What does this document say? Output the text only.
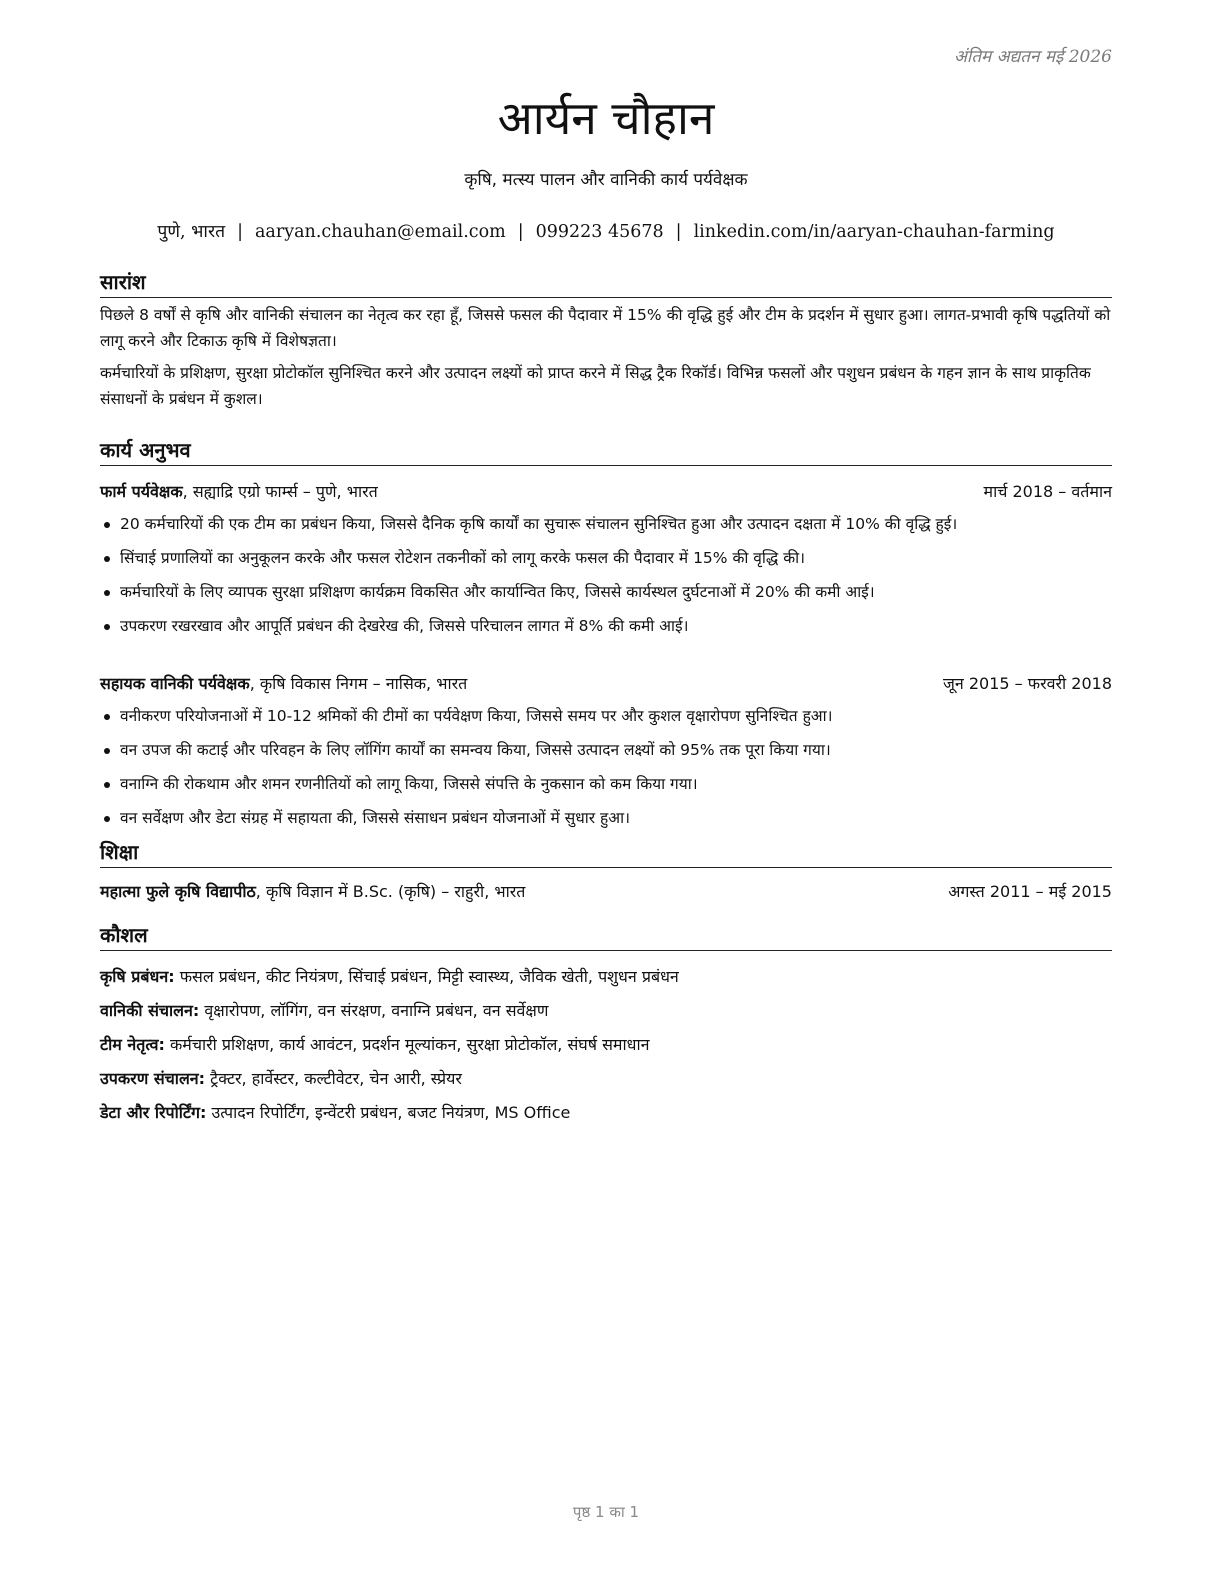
अंतिम अद्यतन मई 2026
आर्यन चौहान
कृषि, मत्स्य पालन और वानिकी कार्य पर्यवेक्षक
पुणे, भारत | aaryan.chauhan@email.com | 099223 45678 | linkedin.com/in/aaryan-chauhan-farming
सारांश

पिछले 8 वर्षों से कृषि और वानिकी संचालन का नेतृत्व कर रहा हूँ, जिससे फसल की पैदावार में 15% की वृद्धि हुई और टीम के प्रदर्शन में सुधार हुआ। लागत-प्रभावी कृषि पद्धतियों को लागू करने और टिकाऊ कृषि में विशेषज्ञता।

कर्मचारियों के प्रशिक्षण, सुरक्षा प्रोटोकॉल सुनिश्चित करने और उत्पादन लक्ष्यों को प्राप्त करने में सिद्ध ट्रैक रिकॉर्ड। विभिन्न फसलों और पशुधन प्रबंधन के गहन ज्ञान के साथ प्राकृतिक संसाधनों के प्रबंधन में कुशल।

कार्य अनुभव
फार्म पर्यवेक्षक, सह्याद्रि एग्रो फार्म्स – पुणे, भारत	मार्च 2018 – वर्तमान
20 कर्मचारियों की एक टीम का प्रबंधन किया, जिससे दैनिक कृषि कार्यों का सुचारू संचालन सुनिश्चित हुआ और उत्पादन दक्षता में 10% की वृद्धि हुई।
सिंचाई प्रणालियों का अनुकूलन करके और फसल रोटेशन तकनीकों को लागू करके फसल की पैदावार में 15% की वृद्धि की।
कर्मचारियों के लिए व्यापक सुरक्षा प्रशिक्षण कार्यक्रम विकसित और कार्यान्वित किए, जिससे कार्यस्थल दुर्घटनाओं में 20% की कमी आई।
उपकरण रखरखाव और आपूर्ति प्रबंधन की देखरेख की, जिससे परिचालन लागत में 8% की कमी आई।
सहायक वानिकी पर्यवेक्षक, कृषि विकास निगम – नासिक, भारत	जून 2015 – फरवरी 2018
वनीकरण परियोजनाओं में 10-12 श्रमिकों की टीमों का पर्यवेक्षण किया, जिससे समय पर और कुशल वृक्षारोपण सुनिश्चित हुआ।
वन उपज की कटाई और परिवहन के लिए लॉगिंग कार्यों का समन्वय किया, जिससे उत्पादन लक्ष्यों को 95% तक पूरा किया गया।
वनाग्नि की रोकथाम और शमन रणनीतियों को लागू किया, जिससे संपत्ति के नुकसान को कम किया गया।
वन सर्वेक्षण और डेटा संग्रह में सहायता की, जिससे संसाधन प्रबंधन योजनाओं में सुधार हुआ।
शिक्षा
महात्मा फुले कृषि विद्यापीठ, कृषि विज्ञान में B.Sc. (कृषि) – राहुरी, भारत	अगस्त 2011 – मई 2015
कौशल
कृषि प्रबंधन: फसल प्रबंधन, कीट नियंत्रण, सिंचाई प्रबंधन, मिट्टी स्वास्थ्य, जैविक खेती, पशुधन प्रबंधन
वानिकी संचालन: वृक्षारोपण, लॉगिंग, वन संरक्षण, वनाग्नि प्रबंधन, वन सर्वेक्षण
टीम नेतृत्व: कर्मचारी प्रशिक्षण, कार्य आवंटन, प्रदर्शन मूल्यांकन, सुरक्षा प्रोटोकॉल, संघर्ष समाधान
उपकरण संचालन: ट्रैक्टर, हार्वेस्टर, कल्टीवेटर, चेन आरी, स्प्रेयर
डेटा और रिपोर्टिंग: उत्पादन रिपोर्टिंग, इन्वेंटरी प्रबंधन, बजट नियंत्रण, MS Office
पृष्ठ 1 का 1
